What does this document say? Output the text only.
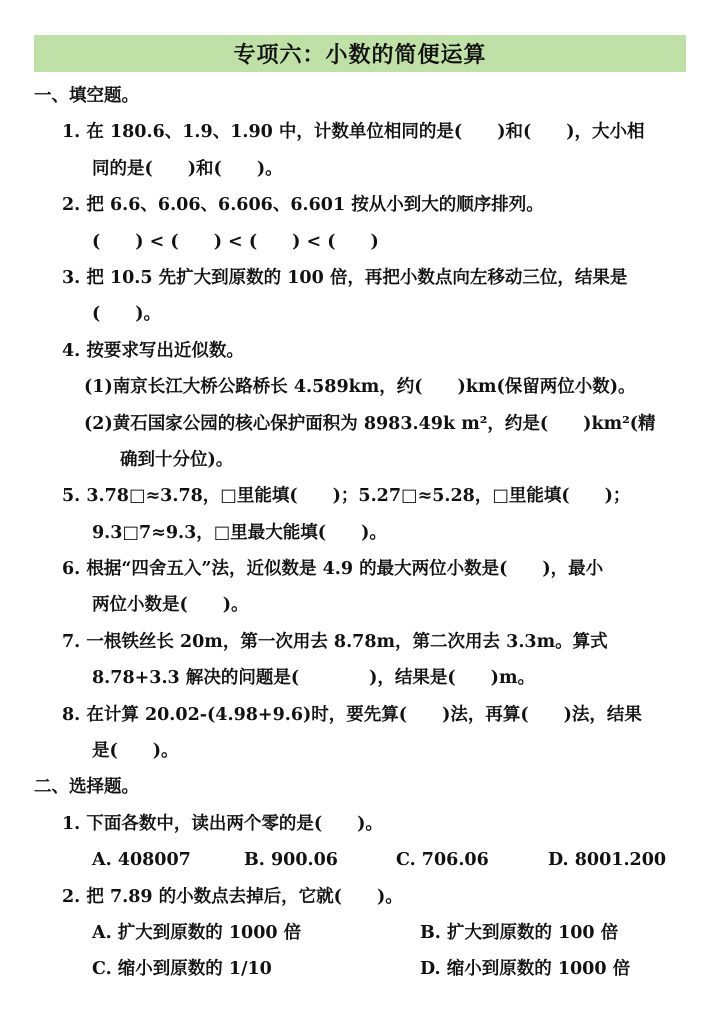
专项六：小数的简便运算
一、填空题。
1. 在 180.6、1.9、1.90 中，计数单位相同的是(　　)和(　　)，大小相
同的是(　　)和(　　)。
2. 把 6.6、6.06、6.606、6.601 按从小到大的顺序排列。
(　　) < (　　) < (　　) < (　　)
3. 把 10.5 先扩大到原数的 100 倍，再把小数点向左移动三位，结果是
(　　)。
4. 按要求写出近似数。
(1)南京长江大桥公路桥长 4.589km，约(　　)km(保留两位小数)。
(2)黄石国家公园的核心保护面积为 8983.49k m²，约是(　　)km²(精
确到十分位)。
5. 3.78□≈3.78，□里能填(　　)；5.27□≈5.28，□里能填(　　)；
9.3□7≈9.3，□里最大能填(　　)。
6. 根据“四舍五入”法，近似数是 4.9 的最大两位小数是(　　)，最小
两位小数是(　　)。
7. 一根铁丝长 20m，第一次用去 8.78m，第二次用去 3.3m。算式
8.78+3.3 解决的问题是(　　　　)，结果是(　　)m。
8. 在计算 20.02-(4.98+9.6)时，要先算(　　)法，再算(　　)法，结果
是(　　)。
二、选择题。
1. 下面各数中，读出两个零的是(　　)。
A. 408007	B. 900.06	C. 706.06	D. 8001.200
2. 把 7.89 的小数点去掉后，它就(　　)。
A. 扩大到原数的 1000 倍	B. 扩大到原数的 100 倍
C. 缩小到原数的 1/10	D. 缩小到原数的 1000 倍
